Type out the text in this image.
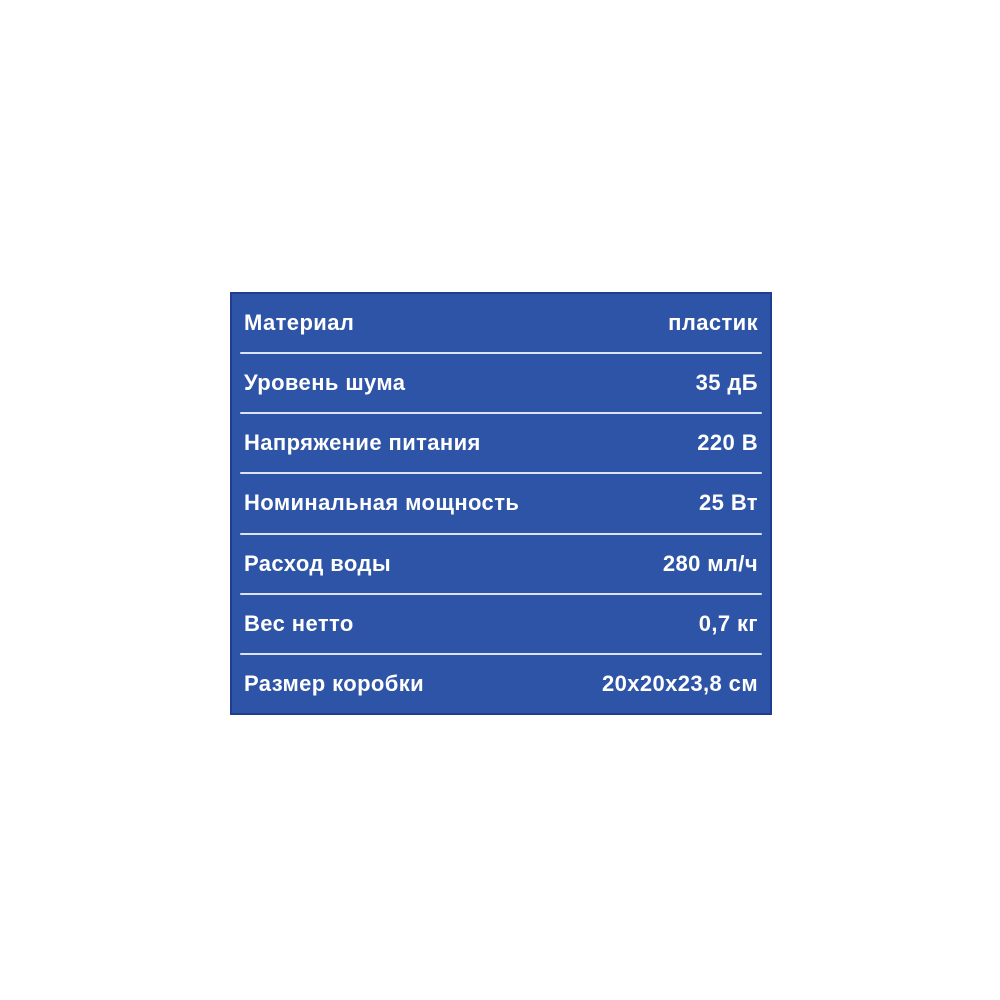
Материал	пластик
Уровень шума	35 дБ
Напряжение питания	220 В
Номинальная мощность	25 Вт
Расход воды	280 мл/ч
Вес нетто	0,7 кг
Размер коробки	20х20х23,8 см
